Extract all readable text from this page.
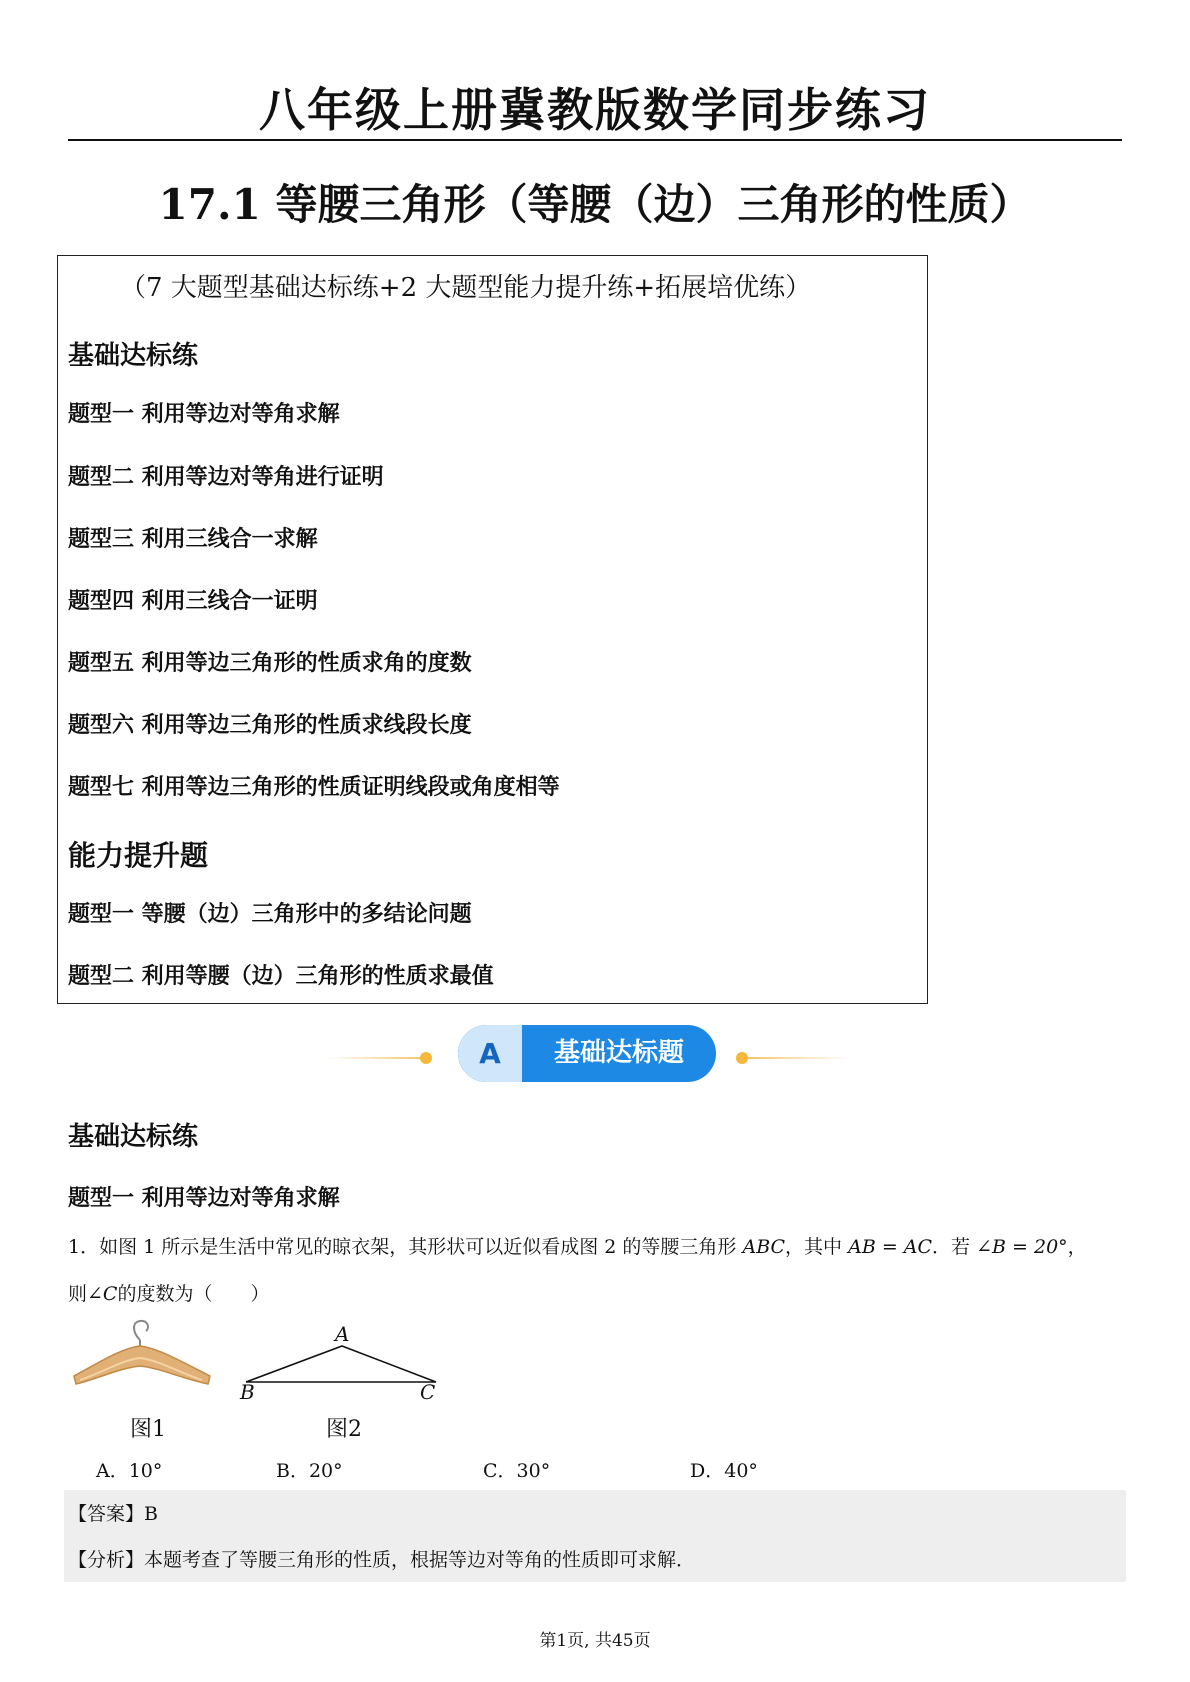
八年级上册冀教版数学同步练习
17.1 等腰三角形（等腰（边）三角形的性质）
（7 大题型基础达标练+2 大题型能力提升练+拓展培优练）
基础达标练
题型一 利用等边对等角求解
题型二 利用等边对等角进行证明
题型三 利用三线合一求解
题型四 利用三线合一证明
题型五 利用等边三角形的性质求角的度数
题型六 利用等边三角形的性质求线段长度
题型七 利用等边三角形的性质证明线段或角度相等
能力提升题
题型一 等腰（边）三角形中的多结论问题
题型二 利用等腰（边）三角形的性质求最值
A	基础达标题
基础达标练
题型一 利用等边对等角求解
1．如图 1 所示是生活中常见的晾衣架，其形状可以近似看成图 2 的等腰三角形 ABC，其中 AB = AC．若 ∠B = 20°，
则∠C的度数为（　　）
A
B	C
图1	图2
A．10°	B．20°	C．30°	D．40°
【答案】B
【分析】本题考查了等腰三角形的性质，根据等边对等角的性质即可求解．
第1页, 共45页
